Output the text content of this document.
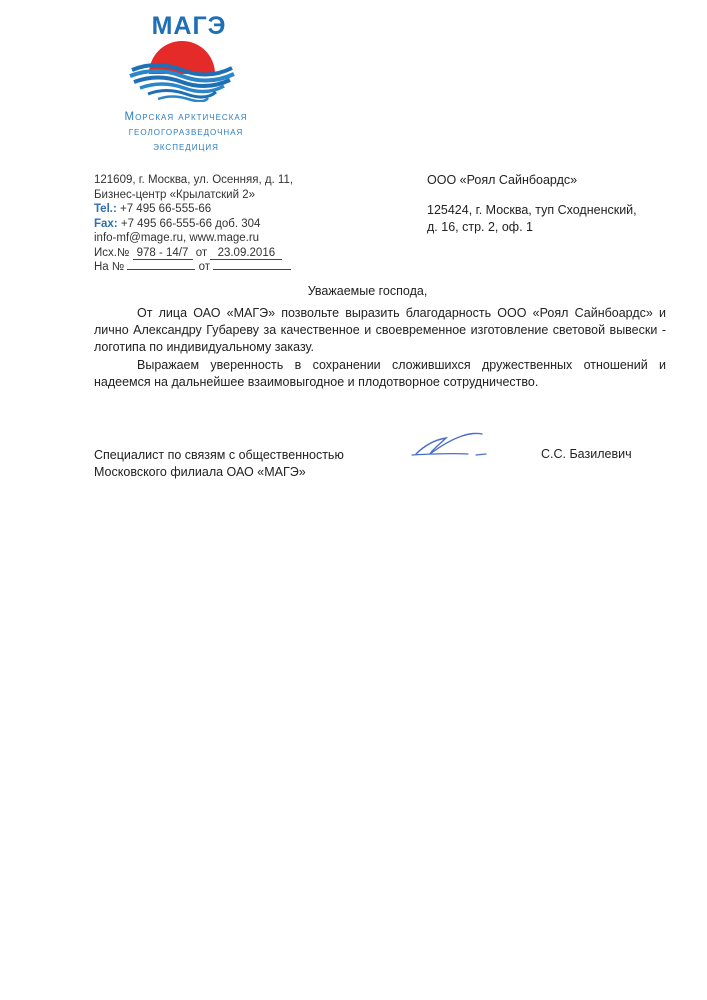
МАГЭ
Морская арктическая
геологоразведочная
экспедиция
121609, г. Москва, ул. Осенняя, д. 11,
Бизнес-центр «Крылатский 2»
Tel.: +7 495 66-555-66
Fax: +7 495 66-555-66 доб. 304
info-mf@mage.ru, www.mage.ru
Исх.№ 978 - 14/7 от 23.09.2016
На №	от
ООО «Роял Сайнбоардс»
125424, г. Москва, туп Сходненский,
д. 16, стр. 2, оф. 1
Уважаемые господа,
От лица ОАО «МАГЭ» позвольте выразить благодарность ООО «Роял Сайнбоардс» и лично Александру Губареву за качественное и своевременное изготовление световой вывески - логотипа по индивидуальному заказу.
Выражаем уверенность в сохранении сложившихся дружественных отношений и надеемся на дальнейшее взаимовыгодное и плодотворное сотрудничество.
Специалист по связям с общественностью
Московского филиала ОАО «МАГЭ»
С.С. Базилевич
